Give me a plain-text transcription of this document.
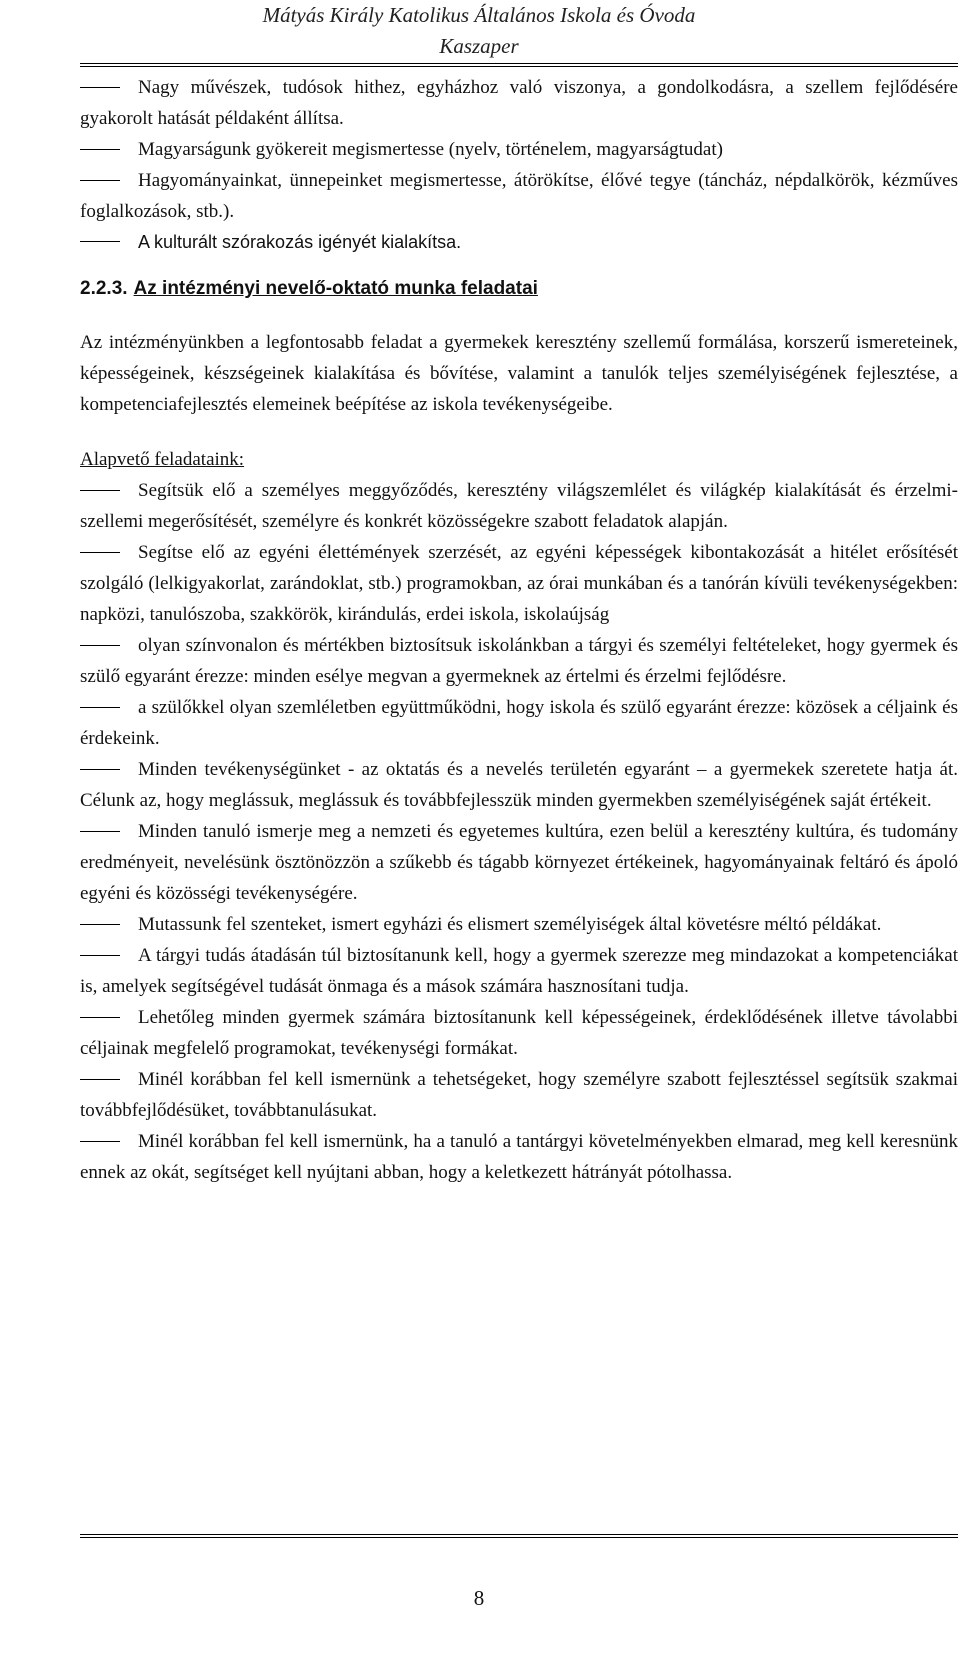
Mátyás Király Katolikus Általános Iskola és Óvoda
Kaszaper

Nagy művészek, tudósok hithez, egyházhoz való viszonya, a gondolkodásra, a szellem fejlődésére gyakorolt hatását példaként állítsa.

Magyarságunk gyökereit megismertesse (nyelv, történelem, magyarságtudat)

Hagyományainkat, ünnepeinket megismertesse, átörökítse, élővé tegye (táncház, népdalkörök, kézműves foglalkozások, stb.).

A kulturált szórakozás igényét kialakítsa.

2.2.3. Az intézményi nevelő-oktató munka feladatai

Az intézményünkben a legfontosabb feladat a gyermekek keresztény szellemű formálása, korszerű ismereteinek, képességeinek, készségeinek kialakítása és bővítése, valamint a tanulók teljes személyiségének fejlesztése, a kompetenciafejlesztés elemeinek beépítése az iskola tevékenységeibe.

Alapvető feladataink:

Segítsük elő a személyes meggyőződés, keresztény világszemlélet és világkép kialakítását és érzelmi-szellemi megerősítését, személyre és konkrét közösségekre szabott feladatok alapján.

Segítse elő az egyéni élettémények szerzését, az egyéni képességek kibontakozását a hitélet erősítését szolgáló (lelkigyakorlat, zarándoklat, stb.) programokban, az órai munkában és a tanórán kívüli tevékenységekben: napközi, tanulószoba, szakkörök, kirándulás, erdei iskola, iskolaújság

olyan színvonalon és mértékben biztosítsuk iskolánkban a tárgyi és személyi feltételeket, hogy gyermek és szülő egyaránt érezze: minden esélye megvan a gyermeknek az értelmi és érzelmi fejlődésre.

a szülőkkel olyan szemléletben együttműködni, hogy iskola és szülő egyaránt érezze: közösek a céljaink és érdekeink.

Minden tevékenységünket - az oktatás és a nevelés területén egyaránt – a gyermekek szeretete hatja át. Célunk az, hogy meglássuk, meglássuk és továbbfejlesszük minden gyermekben személyiségének saját értékeit.

Minden tanuló ismerje meg a nemzeti és egyetemes kultúra, ezen belül a keresztény kultúra, és tudomány eredményeit, nevelésünk ösztönözzön a szűkebb és tágabb környezet értékeinek, hagyományainak feltáró és ápoló egyéni és közösségi tevékenységére.

Mutassunk fel szenteket, ismert egyházi és elismert személyiségek által követésre méltó példákat.

A tárgyi tudás átadásán túl biztosítanunk kell, hogy a gyermek szerezze meg mindazokat a kompetenciákat is, amelyek segítségével tudását önmaga és a mások számára hasznosítani tudja.

Lehetőleg minden gyermek számára biztosítanunk kell képességeinek, érdeklődésének illetve távolabbi céljainak megfelelő programokat, tevékenységi formákat.

Minél korábban fel kell ismernünk a tehetségeket, hogy személyre szabott fejlesztéssel segítsük szakmai továbbfejlődésüket, továbbtanulásukat.

Minél korábban fel kell ismernünk, ha a tanuló a tantárgyi követelményekben elmarad, meg kell keresnünk ennek az okát, segítséget kell nyújtani abban, hogy a keletkezett hátrányát pótolhassa.

8
